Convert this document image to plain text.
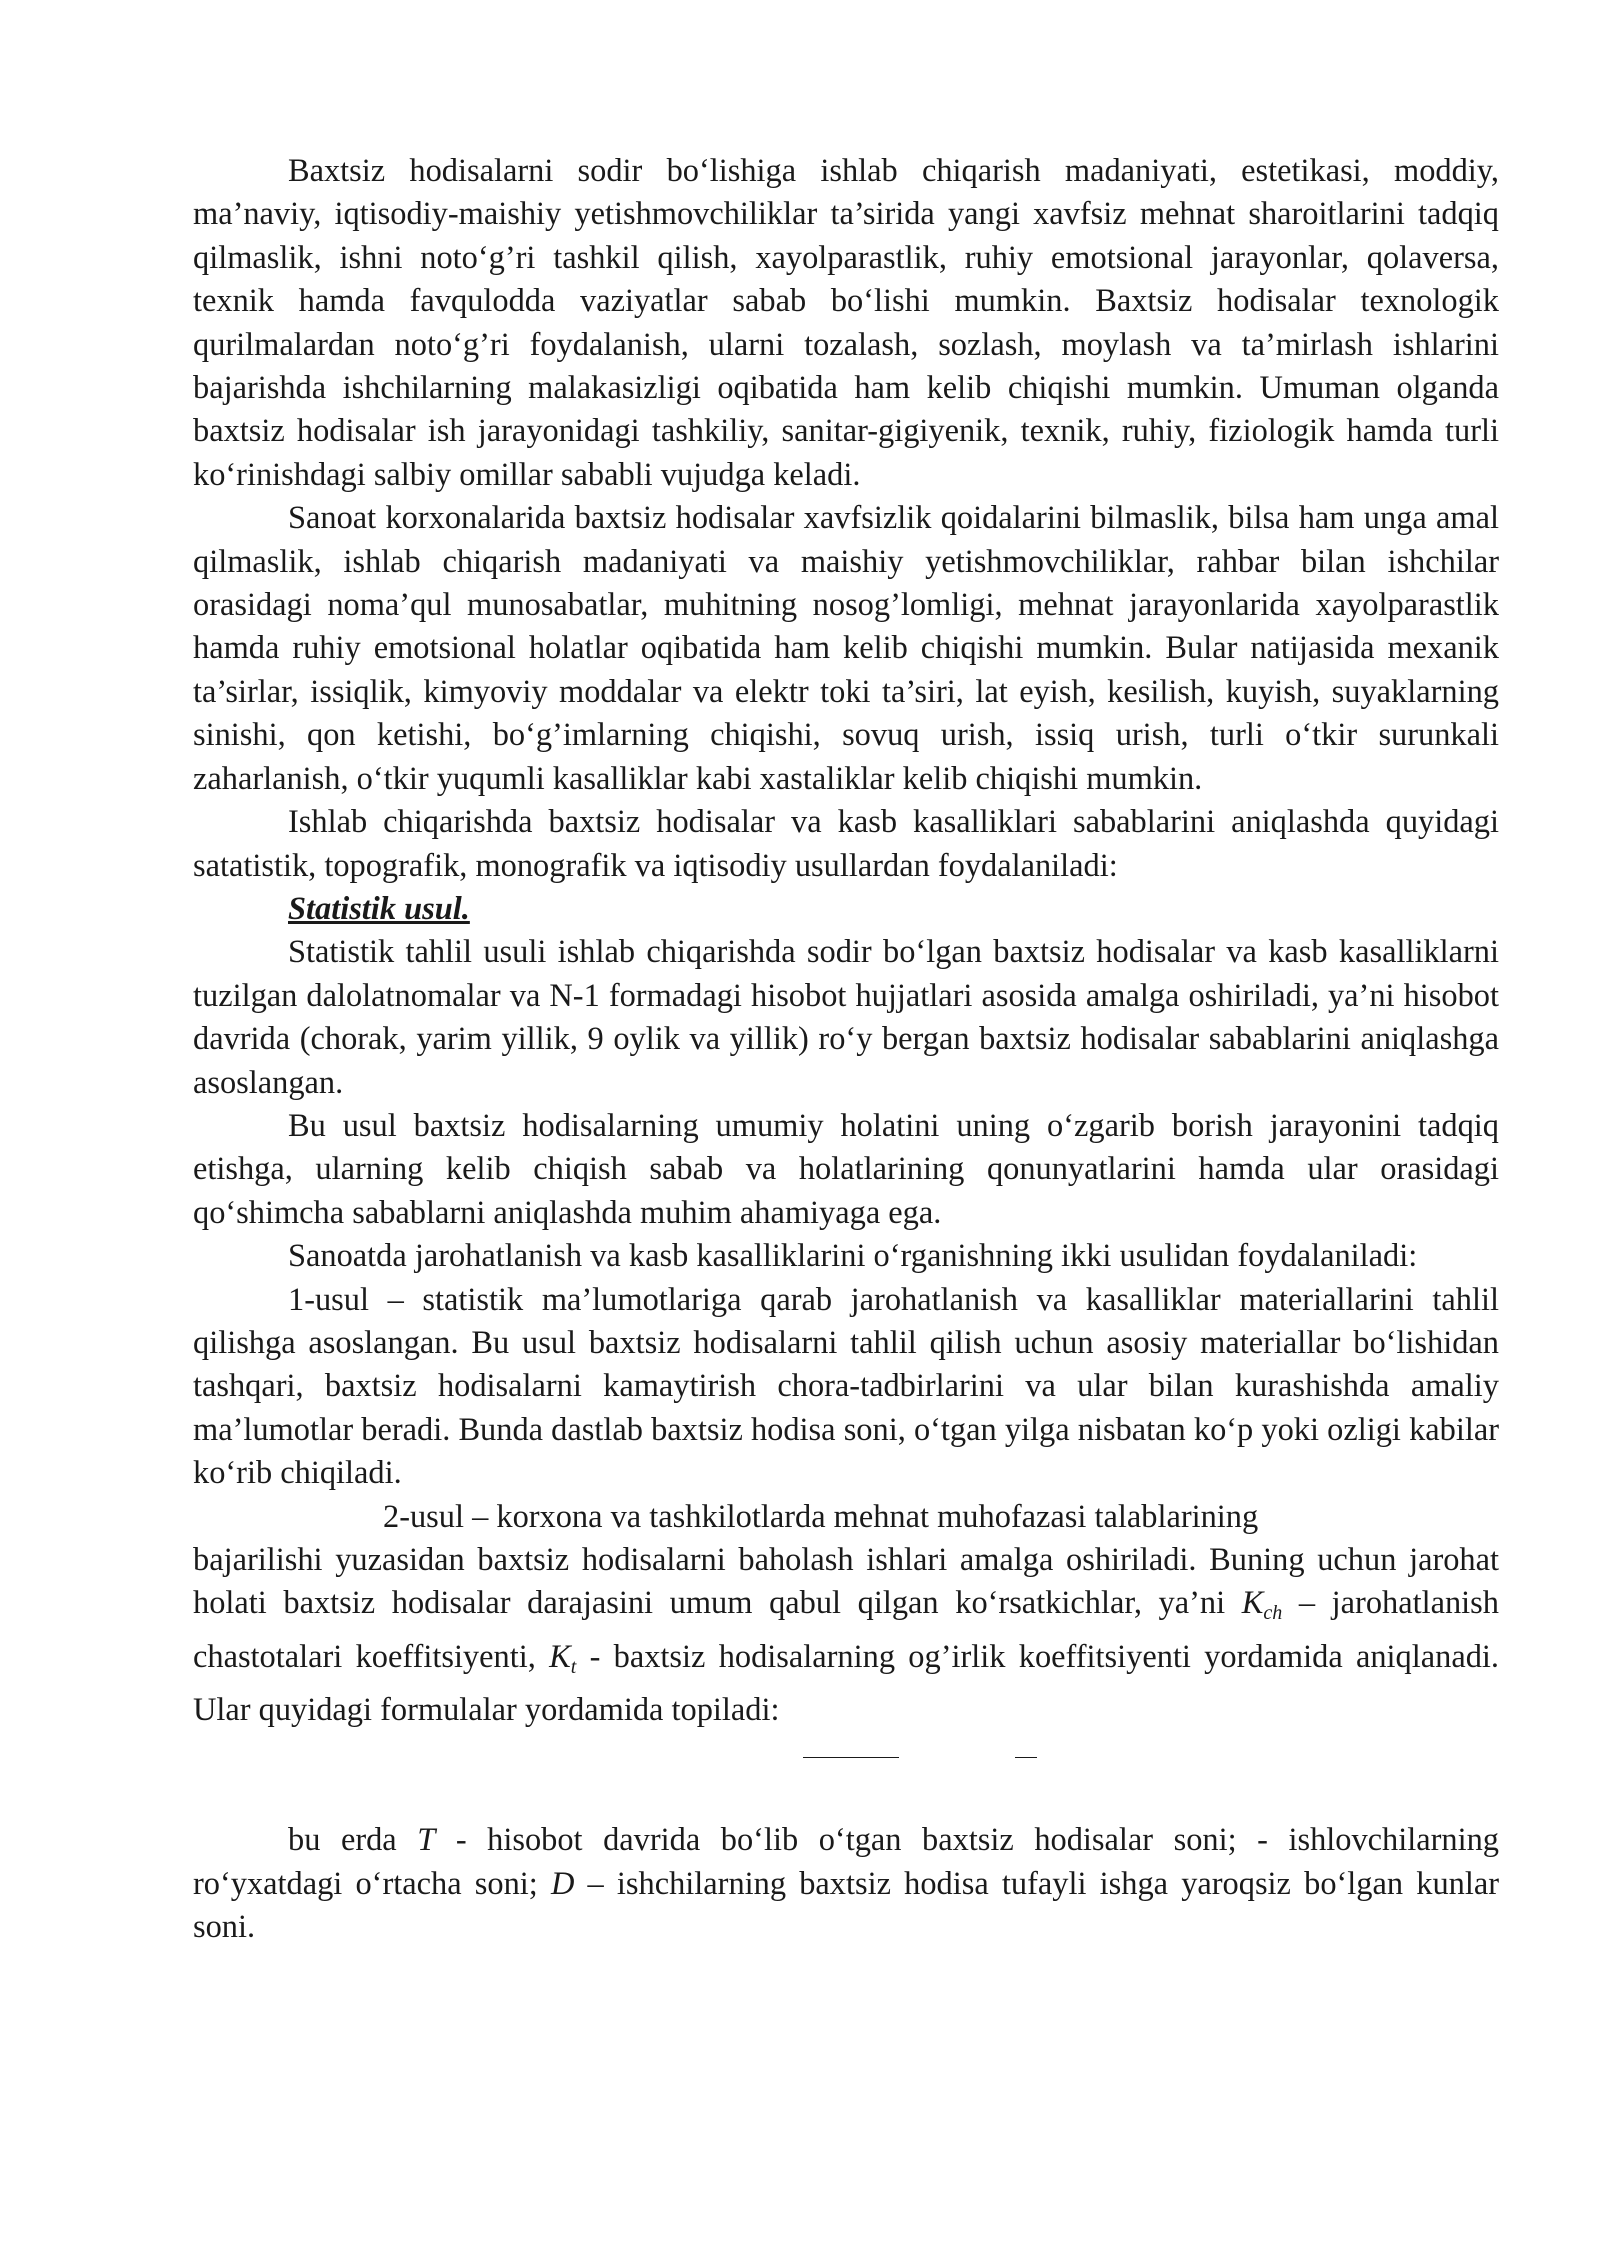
Baxtsiz hodisalarni sodir bo‘lishiga ishlab chiqarish madaniyati, estetikasi, moddiy, ma’naviy, iqtisodiy-maishiy yetishmovchiliklar ta’sirida yangi xavfsiz mehnat sharoitlarini tadqiq qilmaslik, ishni noto‘g’ri tashkil qilish, xayolparastlik, ruhiy emotsional jarayonlar, qolaversa, texnik hamda favqulodda vaziyatlar sabab bo‘lishi mumkin. Baxtsiz hodisalar texnologik qurilmalardan noto‘g’ri foydalanish, ularni tozalash, sozlash, moylash va ta’mirlash ishlarini bajarishda ishchilarning malakasizligi oqibatida ham kelib chiqishi mumkin. Umuman olganda baxtsiz hodisalar ish jarayonidagi tashkiliy, sanitar-gigiyenik, texnik, ruhiy, fiziologik hamda turli ko‘rinishdagi salbiy omillar sababli vujudga keladi.

Sanoat korxonalarida baxtsiz hodisalar xavfsizlik qoidalarini bilmaslik, bilsa ham unga amal qilmaslik, ishlab chiqarish madaniyati va maishiy yetishmovchiliklar, rahbar bilan ishchilar orasidagi noma’qul munosabatlar, muhitning nosog’lomligi, mehnat jarayonlarida xayolparastlik hamda ruhiy emotsional holatlar oqibatida ham kelib chiqishi mumkin. Bular natijasida mexanik ta’sirlar, issiqlik, kimyoviy moddalar va elektr toki ta’siri, lat eyish, kesilish, kuyish, suyaklarning sinishi, qon ketishi, bo‘g’imlarning chiqishi, sovuq urish, issiq urish, turli o‘tkir surunkali zaharlanish, o‘tkir yuqumli kasalliklar kabi xastaliklar kelib chiqishi mumkin.

Ishlab chiqarishda baxtsiz hodisalar va kasb kasalliklari sabablarini aniqlashda quyidagi satatistik, topografik, monografik va iqtisodiy usullardan foydalaniladi:

Statistik usul.

Statistik tahlil usuli ishlab chiqarishda sodir bo‘lgan baxtsiz hodisalar va kasb kasalliklarni tuzilgan dalolatnomalar va N-1 formadagi hisobot hujjatlari asosida amalga oshiriladi, ya’ni hisobot davrida (chorak, yarim yillik, 9 oylik va yillik) ro‘y bergan baxtsiz hodisalar sabablarini aniqlashga asoslangan.

Bu usul baxtsiz hodisalarning umumiy holatini uning o‘zgarib borish jarayonini tadqiq etishga, ularning kelib chiqish sabab va holatlarining qonunyatlarini hamda ular orasidagi qo‘shimcha sabablarni aniqlashda muhim ahamiyaga ega.

Sanoatda jarohatlanish va kasb kasalliklarini o‘rganishning ikki usulidan foydalaniladi:

1-usul – statistik ma’lumotlariga qarab jarohatlanish va kasalliklar materiallarini tahlil qilishga asoslangan. Bu usul baxtsiz hodisalarni tahlil qilish uchun asosiy materiallar bo‘lishidan tashqari, baxtsiz hodisalarni kamaytirish chora-tadbirlarini va ular bilan kurashishda amaliy ma’lumotlar beradi. Bunda dastlab baxtsiz hodisa soni, o‘tgan yilga nisbatan ko‘p yoki ozligi kabilar ko‘rib chiqiladi.

2-usul – korxona va tashkilotlarda mehnat muhofazasi talablarining

bajarilishi yuzasidan baxtsiz hodisalarni baholash ishlari amalga oshiriladi. Buning uchun jarohat holati baxtsiz hodisalar darajasini umum qabul qilgan ko‘rsatkichlar, ya’ni $K_{ch}$ – jarohatlanish chastotalari koeffitsiyenti, $K_t$ - baxtsiz hodisalarning og’irlik koeffitsiyenti yordamida aniqlanadi. Ular quyidagi formulalar yordamida topiladi:

bu erda T - hisobot davrida bo‘lib o‘tgan baxtsiz hodisalar soni; - ishlovchilarning ro‘yxatdagi o‘rtacha soni; D – ishchilarning baxtsiz hodisa tufayli ishga yaroqsiz bo‘lgan kunlar soni.
